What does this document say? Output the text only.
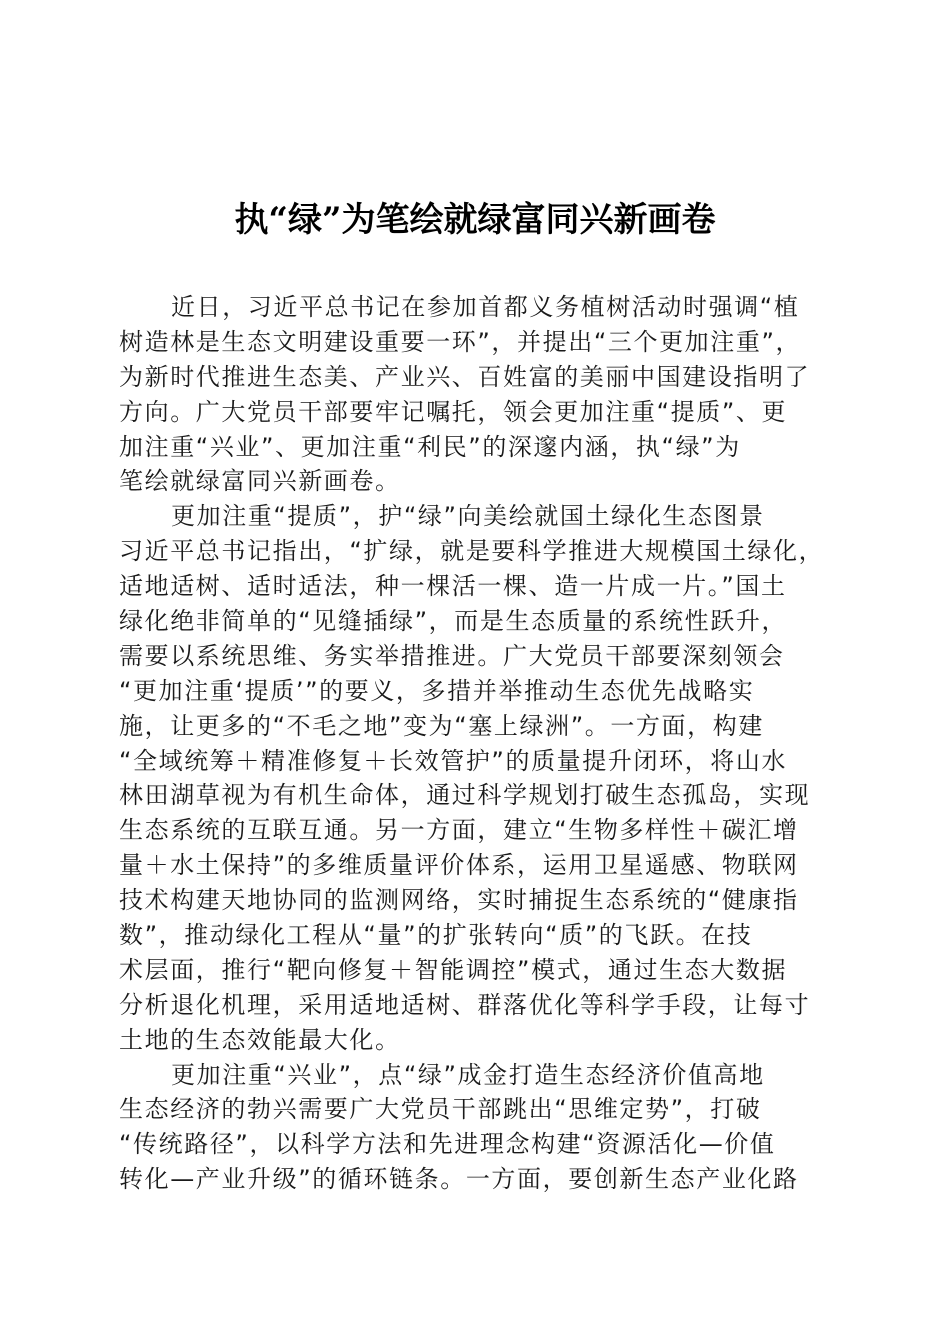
执“绿”为笔绘就绿富同兴新画卷
近日，习近平总书记在参加首都义务植树活动时强调“植
树造林是生态文明建设重要一环”，并提出“三个更加注重”，
为新时代推进生态美、产业兴、百姓富的美丽中国建设指明了
方向。广大党员干部要牢记嘱托，领会更加注重“提质”、更
加注重“兴业”、更加注重“利民”的深邃内涵，执“绿”为
笔绘就绿富同兴新画卷。
更加注重“提质”，护“绿”向美绘就国土绿化生态图景
习近平总书记指出，“扩绿，就是要科学推进大规模国土绿化，
适地适树、适时适法，种一棵活一棵、造一片成一片。”国土
绿化绝非简单的“见缝插绿”，而是生态质量的系统性跃升，
需要以系统思维、务实举措推进。广大党员干部要深刻领会
“更加注重‘提质’”的要义，多措并举推动生态优先战略实
施，让更多的“不毛之地”变为“塞上绿洲”。一方面，构建
“全域统筹＋精准修复＋长效管护”的质量提升闭环，将山水
林田湖草视为有机生命体，通过科学规划打破生态孤岛，实现
生态系统的互联互通。另一方面，建立“生物多样性＋碳汇增
量＋水土保持”的多维质量评价体系，运用卫星遥感、物联网
技术构建天地协同的监测网络，实时捕捉生态系统的“健康指
数”，推动绿化工程从“量”的扩张转向“质”的飞跃。在技
术层面，推行“靶向修复＋智能调控”模式，通过生态大数据
分析退化机理，采用适地适树、群落优化等科学手段，让每寸
土地的生态效能最大化。
更加注重“兴业”，点“绿”成金打造生态经济价值高地
生态经济的勃兴需要广大党员干部跳出“思维定势”，打破
“传统路径”，以科学方法和先进理念构建“资源活化—价值
转化—产业升级”的循环链条。一方面，要创新生态产业化路
